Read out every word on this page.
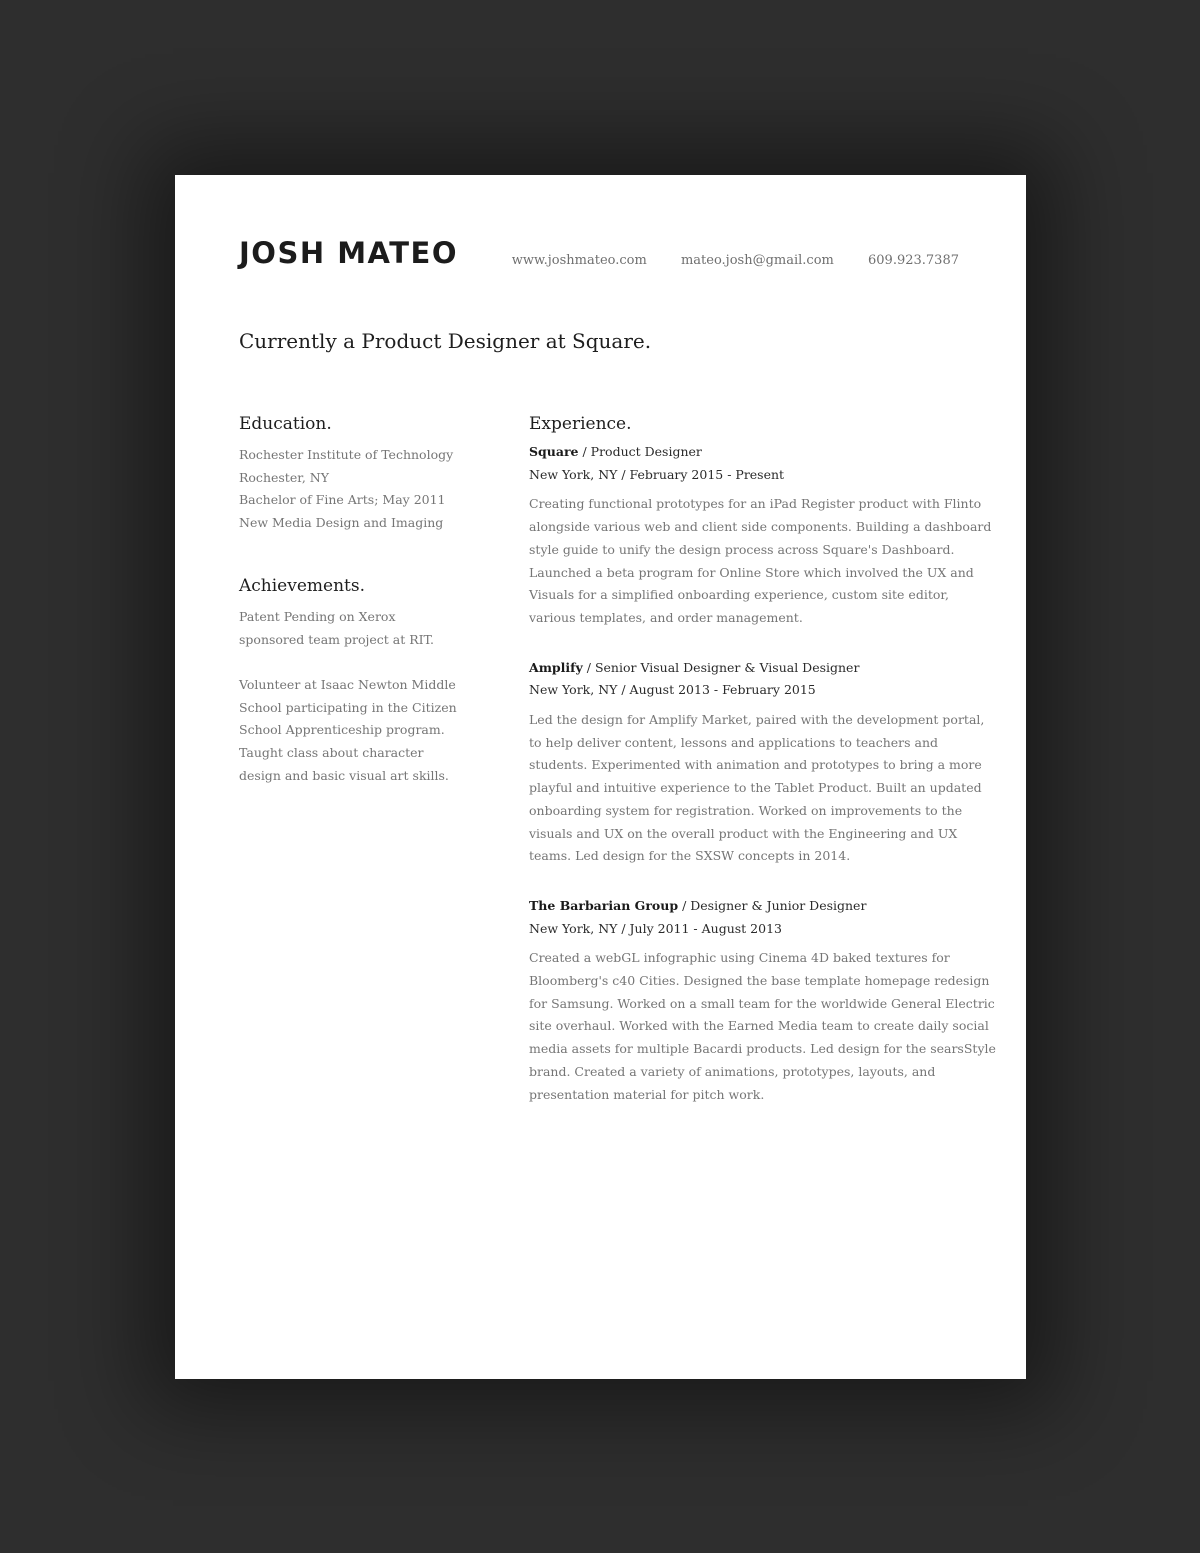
JOSH MATEO	www.joshmateo.com	mateo.josh@gmail.com	609.923.7387
Currently a Product Designer at Square.
Education.
Rochester Institute of Technology
Rochester, NY
Bachelor of Fine Arts; May 2011
New Media Design and Imaging
Achievements.

Patent Pending on Xerox
sponsored team project at RIT.

Volunteer at Isaac Newton Middle
School participating in the Citizen
School Apprenticeship program.
Taught class about character
design and basic visual art skills.

Experience.
Square / Product Designer
New York, NY / February 2015 - Present
Creating functional prototypes for an iPad Register product with Flinto
alongside various web and client side components. Building a dashboard
style guide to unify the design process across Square's Dashboard.
Launched a beta program for Online Store which involved the UX and
Visuals for a simplified onboarding experience, custom site editor,
various templates, and order management.
Amplify / Senior Visual Designer & Visual Designer
New York, NY / August 2013 - February 2015
Led the design for Amplify Market, paired with the development portal,
to help deliver content, lessons and applications to teachers and
students. Experimented with animation and prototypes to bring a more
playful and intuitive experience to the Tablet Product. Built an updated
onboarding system for registration. Worked on improvements to the
visuals and UX on the overall product with the Engineering and UX
teams. Led design for the SXSW concepts in 2014.
The Barbarian Group / Designer & Junior Designer
New York, NY / July 2011 - August 2013
Created a webGL infographic using Cinema 4D baked textures for
Bloomberg's c40 Cities. Designed the base template homepage redesign
for Samsung. Worked on a small team for the worldwide General Electric
site overhaul. Worked with the Earned Media team to create daily social
media assets for multiple Bacardi products. Led design for the searsStyle
brand. Created a variety of animations, prototypes, layouts, and
presentation material for pitch work.
